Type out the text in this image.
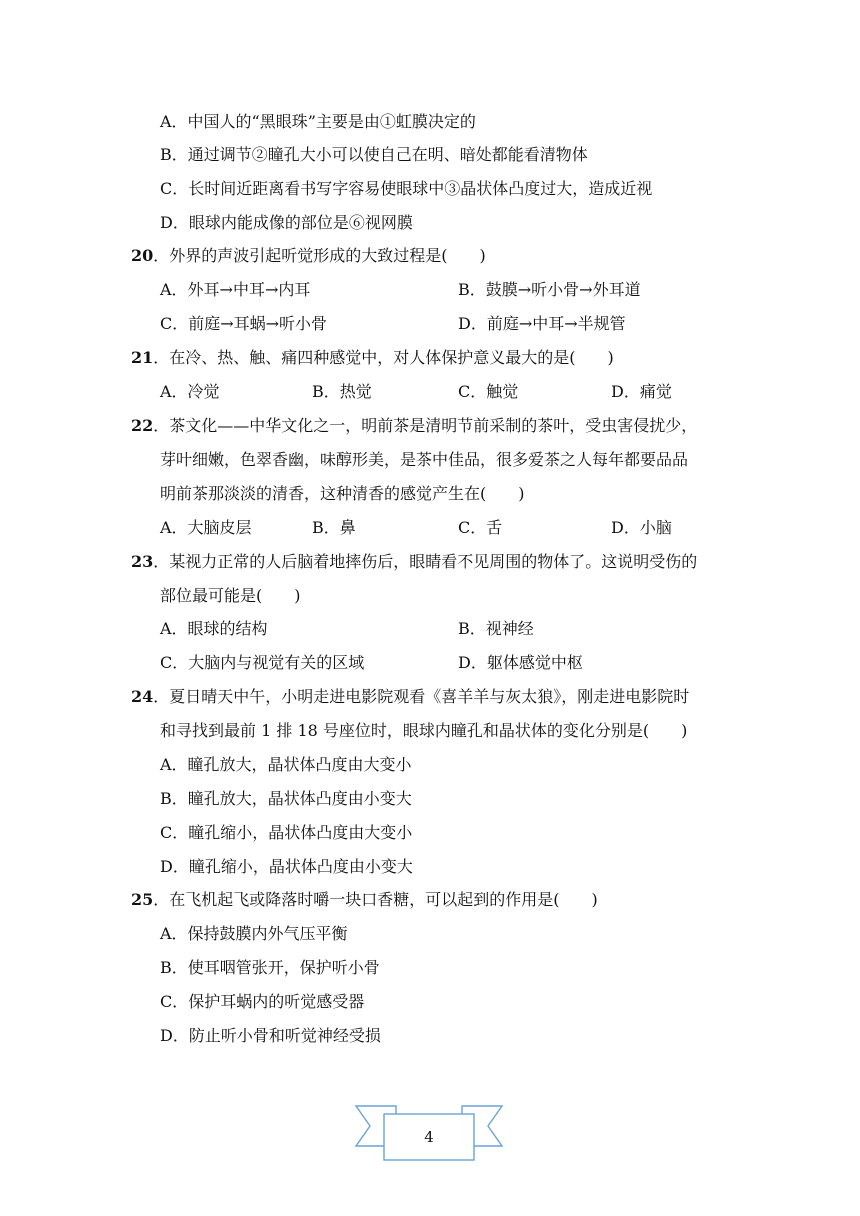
A．中国人的“黑眼珠”主要是由①虹膜决定的
B．通过调节②瞳孔大小可以使自己在明、暗处都能看清物体
C．长时间近距离看书写字容易使眼球中③晶状体凸度过大，造成近视
D．眼球内能成像的部位是⑥视网膜
20．外界的声波引起听觉形成的大致过程是(　　)
A．外耳→中耳→内耳	B．鼓膜→听小骨→外耳道
C．前庭→耳蜗→听小骨	D．前庭→中耳→半规管
21．在冷、热、触、痛四种感觉中，对人体保护意义最大的是(　　)
A．冷觉	B．热觉	C．触觉	D．痛觉
22．茶文化——中华文化之一，明前茶是清明节前采制的茶叶，受虫害侵扰少，
芽叶细嫩，色翠香幽，味醇形美，是茶中佳品，很多爱茶之人每年都要品品
明前茶那淡淡的清香，这种清香的感觉产生在(　　)
A．大脑皮层	B．鼻	C．舌	D．小脑
23．某视力正常的人后脑着地摔伤后，眼睛看不见周围的物体了。这说明受伤的
部位最可能是(　　)
A．眼球的结构	B．视神经
C．大脑内与视觉有关的区域	D．躯体感觉中枢
24．夏日晴天中午，小明走进电影院观看《喜羊羊与灰太狼》，刚走进电影院时
和寻找到最前 1 排 18 号座位时，眼球内瞳孔和晶状体的变化分别是(　　)
A．瞳孔放大，晶状体凸度由大变小
B．瞳孔放大，晶状体凸度由小变大
C．瞳孔缩小，晶状体凸度由大变小
D．瞳孔缩小，晶状体凸度由小变大
25．在飞机起飞或降落时嚼一块口香糖，可以起到的作用是(　　)
A．保持鼓膜内外气压平衡
B．使耳咽管张开，保护听小骨
C．保护耳蜗内的听觉感受器
D．防止听小骨和听觉神经受损
4
